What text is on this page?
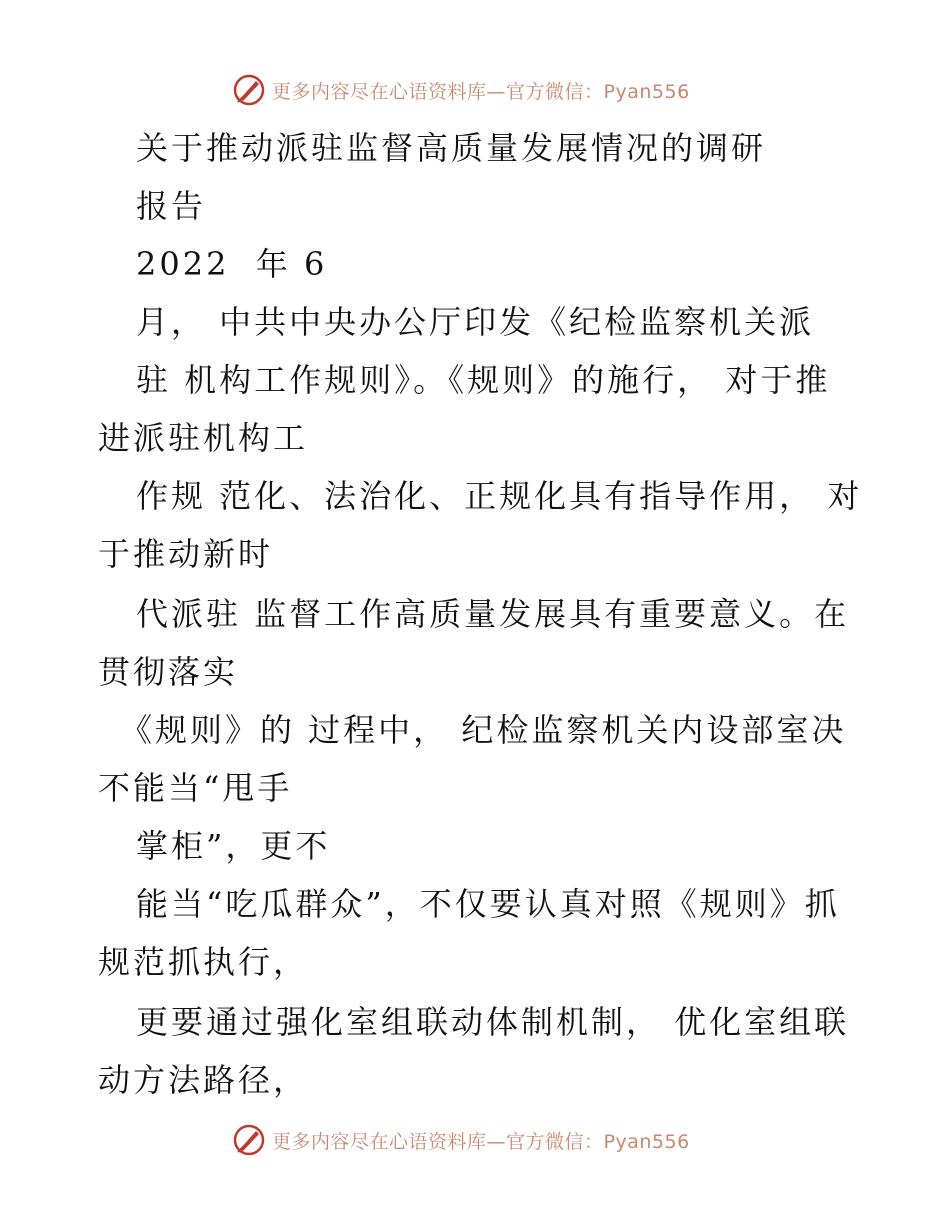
更多内容尽在心语资料库—官方微信：Pyan556
关于推动派驻监督高质量发展情况的调研
报告
2022  年 6
月， 中共中央办公厅印发《纪检监察机关派
驻 机构工作规则》。《规则》的施行， 对于推
进派驻机构工
作规 范化、法治化、正规化具有指导作用， 对
于推动新时
代派驻 监督工作高质量发展具有重要意义。在
贯彻落实
《规则》的 过程中， 纪检监察机关内设部室决
不能当“甩手
掌柜”，更不
能当“吃瓜群众”，不仅要认真对照《规则》抓
规范抓执行，
更要通过强化室组联动体制机制， 优化室组联
动方法路径，
更多内容尽在心语资料库—官方微信：Pyan556
